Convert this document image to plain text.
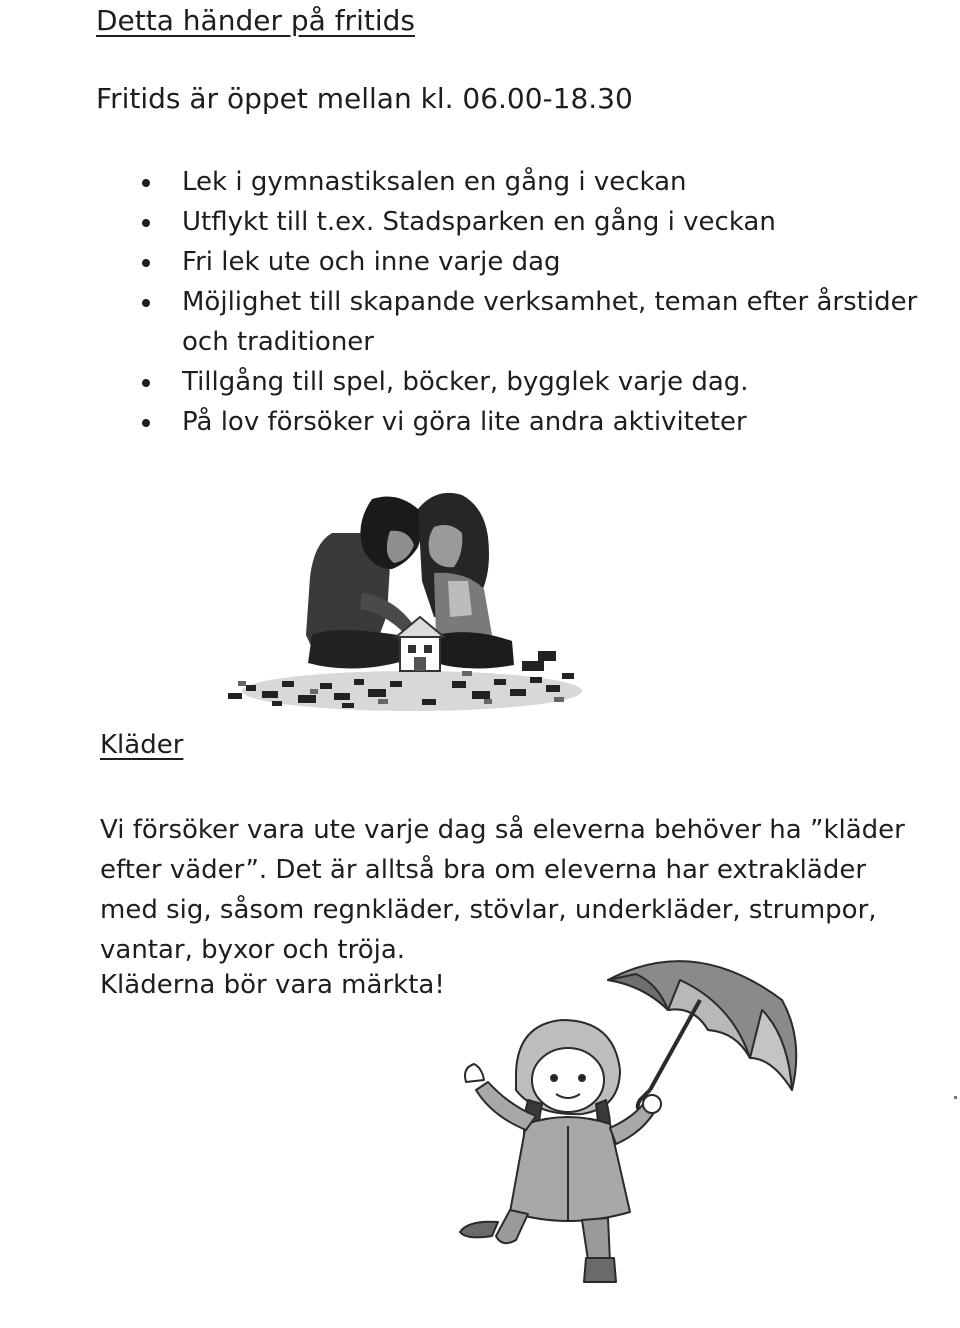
Detta händer på fritids

Fritids är öppet mellan kl. 06.00-18.30

Lek i gymnastiksalen en gång i veckan
Utflykt till t.ex. Stadsparken en gång i veckan
Fri lek ute och inne varje dag
Möjlighet till skapande verksamhet, teman efter årstider och traditioner
Tillgång till spel, böcker, bygglek varje dag.
På lov försöker vi göra lite andra aktiviteter
Kläder

Vi försöker vara ute varje dag så eleverna behöver ha ”kläder efter väder”. Det är alltså bra om eleverna har extrakläder med sig, såsom regnkläder, stövlar, underkläder, strumpor, vantar, byxor och tröja.

Kläderna bör vara märkta!
